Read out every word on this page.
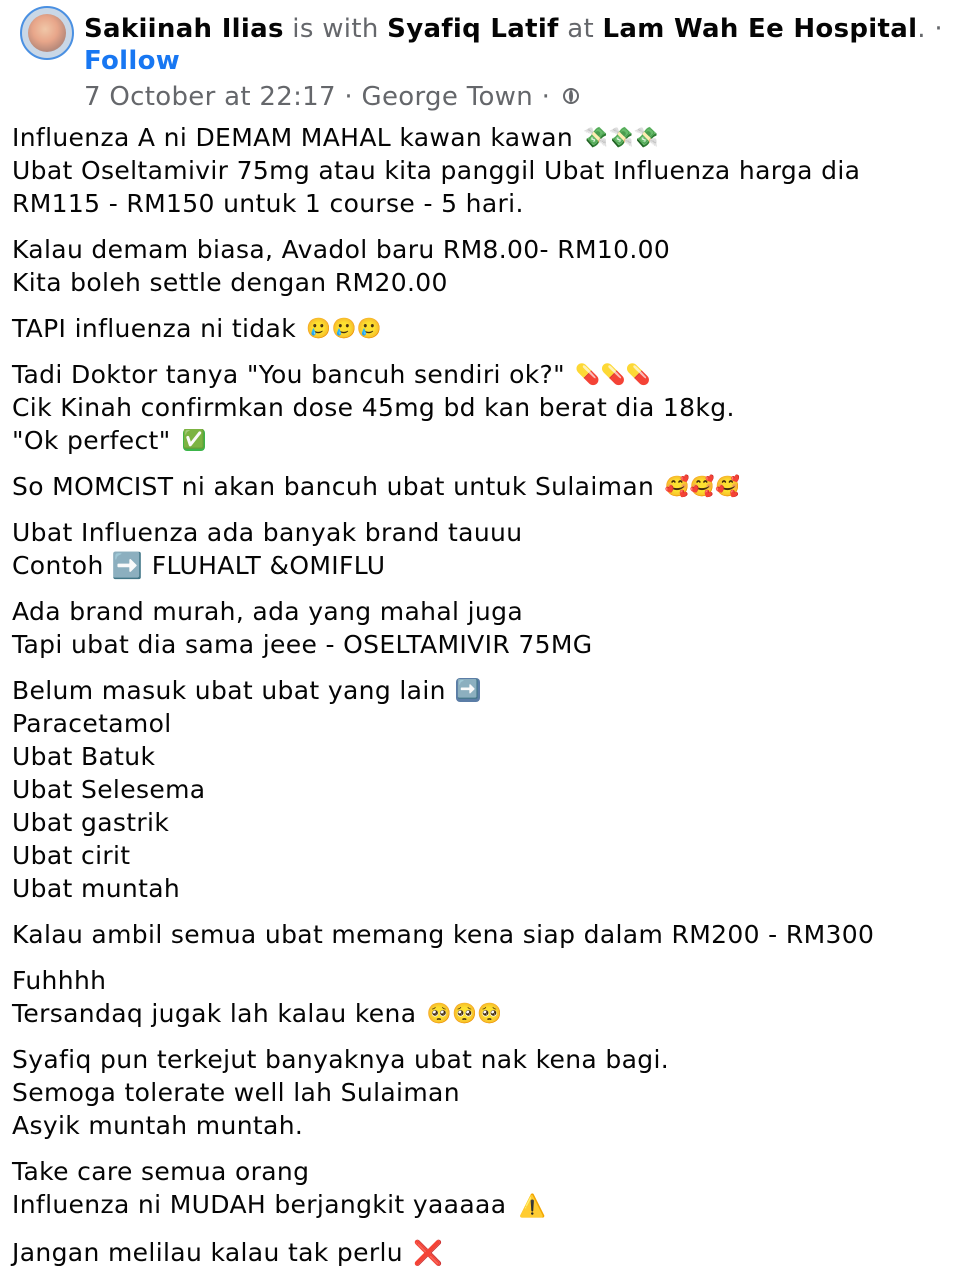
Sakiinah Ilias is with Syafiq Latif at Lam Wah Ee Hospital. ·
Follow
7 October at 22:17 · George Town ·
Influenza A ni DEMAM MAHAL kawan kawan 💸💸💸
Ubat Oseltamivir 75mg atau kita panggil Ubat Influenza harga dia
RM115 - RM150 untuk 1 course - 5 hari.
Kalau demam biasa, Avadol baru RM8.00- RM10.00
Kita boleh settle dengan RM20.00
TAPI influenza ni tidak 🥲🥲🥲
Tadi Doktor tanya "You bancuh sendiri ok?" 💊💊💊
Cik Kinah confirmkan dose 45mg bd kan berat dia 18kg.
"Ok perfect" ✅
So MOMCIST ni akan bancuh ubat untuk Sulaiman 🥰🥰🥰
Ubat Influenza ada banyak brand tauuu
Contoh ➡️ FLUHALT &OMIFLU
Ada brand murah, ada yang mahal juga
Tapi ubat dia sama jeee - OSELTAMIVIR 75MG
Belum masuk ubat ubat yang lain ➡️
Paracetamol
Ubat Batuk
Ubat Selesema
Ubat gastrik
Ubat cirit
Ubat muntah
Kalau ambil semua ubat memang kena siap dalam RM200 - RM300
Fuhhhh
Tersandaq jugak lah kalau kena 🥺🥺🥺
Syafiq pun terkejut banyaknya ubat nak kena bagi.
Semoga tolerate well lah Sulaiman
Asyik muntah muntah.
Take care semua orang
Influenza ni MUDAH berjangkit yaaaaa ⚠️
Jangan melilau kalau tak perlu ❌
